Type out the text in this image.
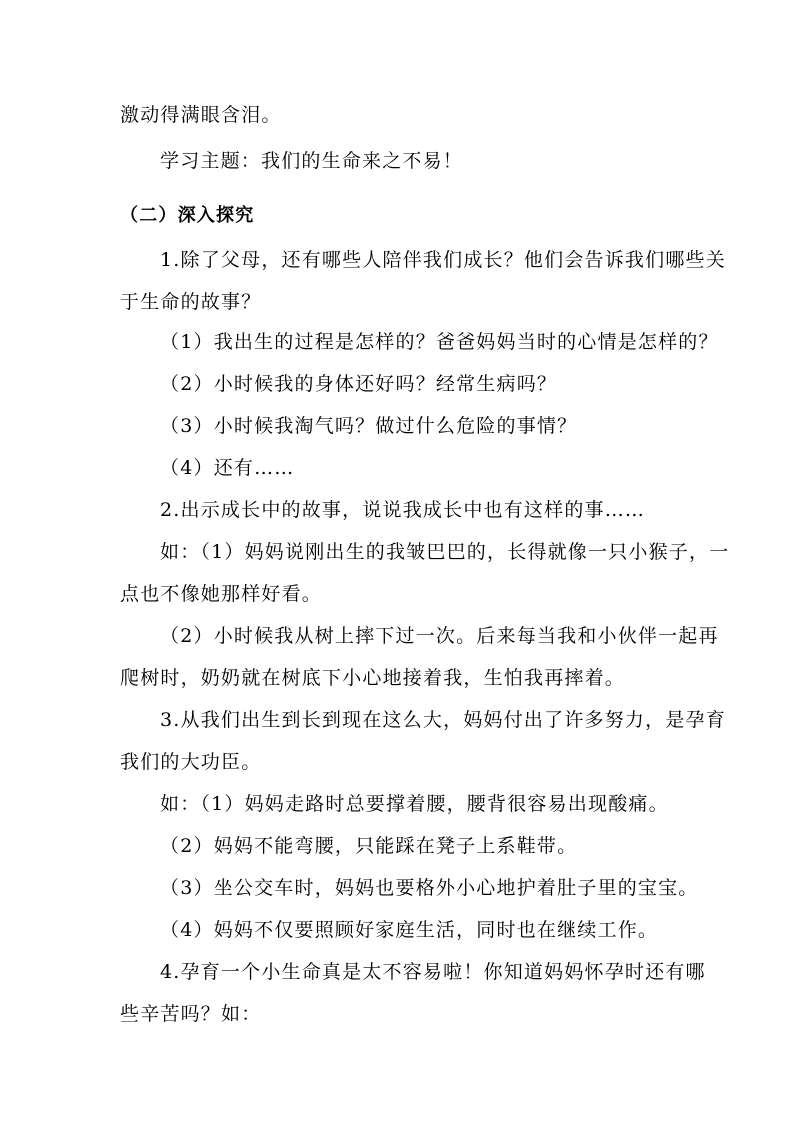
激动得满眼含泪。
学习主题：我们的生命来之不易！
（二）深入探究
1.除了父母，还有哪些人陪伴我们成长？他们会告诉我们哪些关
于生命的故事？
（1）我出生的过程是怎样的？爸爸妈妈当时的心情是怎样的？
（2）小时候我的身体还好吗？经常生病吗？
（3）小时候我淘气吗？做过什么危险的事情？
（4）还有……
2.出示成长中的故事，说说我成长中也有这样的事……
如：（1）妈妈说刚出生的我皱巴巴的，长得就像一只小猴子，一
点也不像她那样好看。
（2）小时候我从树上摔下过一次。后来每当我和小伙伴一起再
爬树时，奶奶就在树底下小心地接着我，生怕我再摔着。
3.从我们出生到长到现在这么大，妈妈付出了许多努力，是孕育
我们的大功臣。
如：（1）妈妈走路时总要撑着腰，腰背很容易出现酸痛。
（2）妈妈不能弯腰，只能踩在凳子上系鞋带。
（3）坐公交车时，妈妈也要格外小心地护着肚子里的宝宝。
（4）妈妈不仅要照顾好家庭生活，同时也在继续工作。
4.孕育一个小生命真是太不容易啦！你知道妈妈怀孕时还有哪
些辛苦吗？如：
